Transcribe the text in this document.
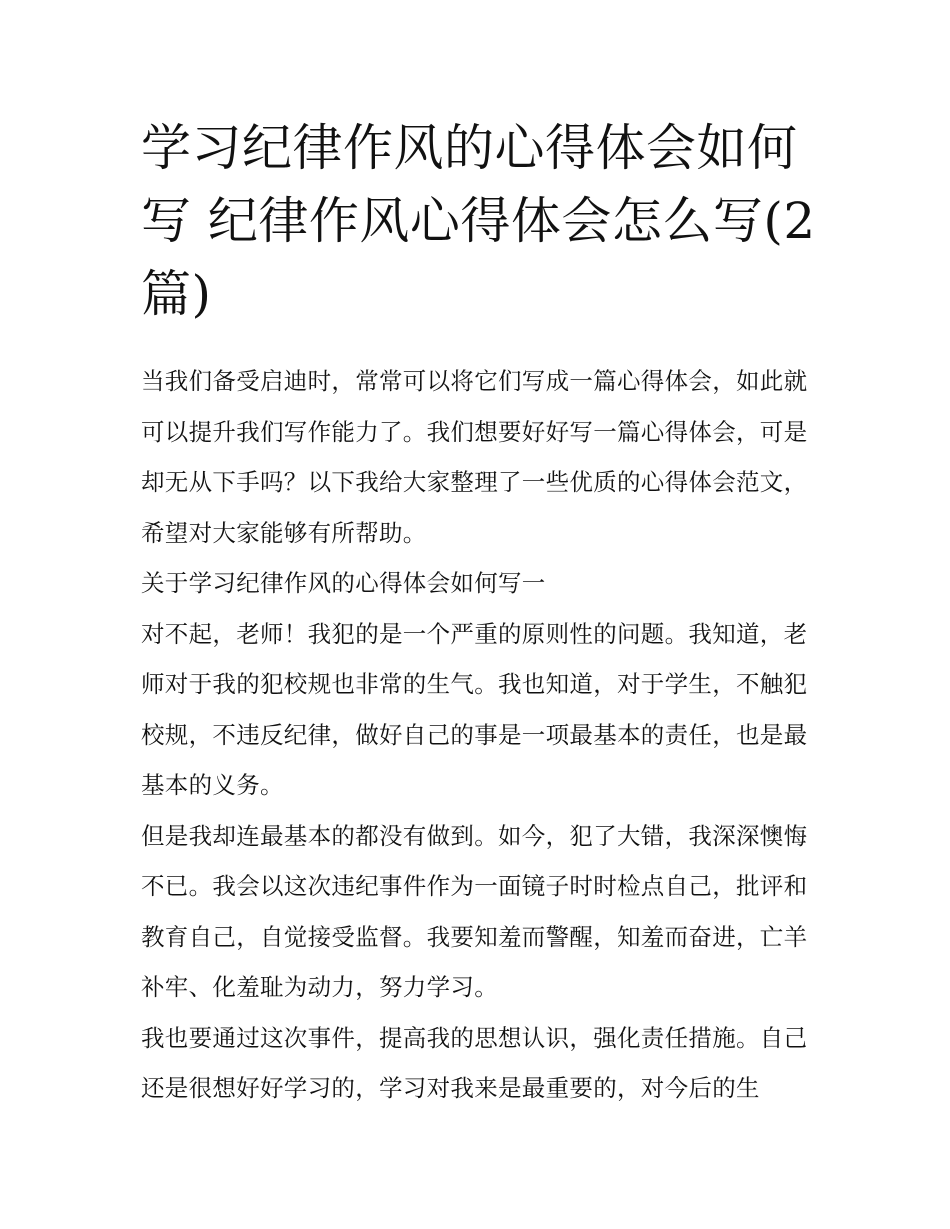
学习纪律作风的心得体会如何写 纪律作风心得体会怎么写(2篇)

当我们备受启迪时，常常可以将它们写成一篇心得体会，如此就可以提升我们写作能力了。我们想要好好写一篇心得体会，可是却无从下手吗？以下我给大家整理了一些优质的心得体会范文，希望对大家能够有所帮助。

关于学习纪律作风的心得体会如何写一

对不起，老师！我犯的是一个严重的原则性的问题。我知道，老师对于我的犯校规也非常的生气。我也知道，对于学生，不触犯校规，不违反纪律，做好自己的事是一项最基本的责任，也是最基本的义务。

但是我却连最基本的都没有做到。如今，犯了大错，我深深懊悔不已。我会以这次违纪事件作为一面镜子时时检点自己，批评和教育自己，自觉接受监督。我要知羞而警醒，知羞而奋进，亡羊补牢、化羞耻为动力，努力学习。

我也要通过这次事件，提高我的思想认识，强化责任措施。自己还是很想好好学习的，学习对我来是最重要的，对今后的生
